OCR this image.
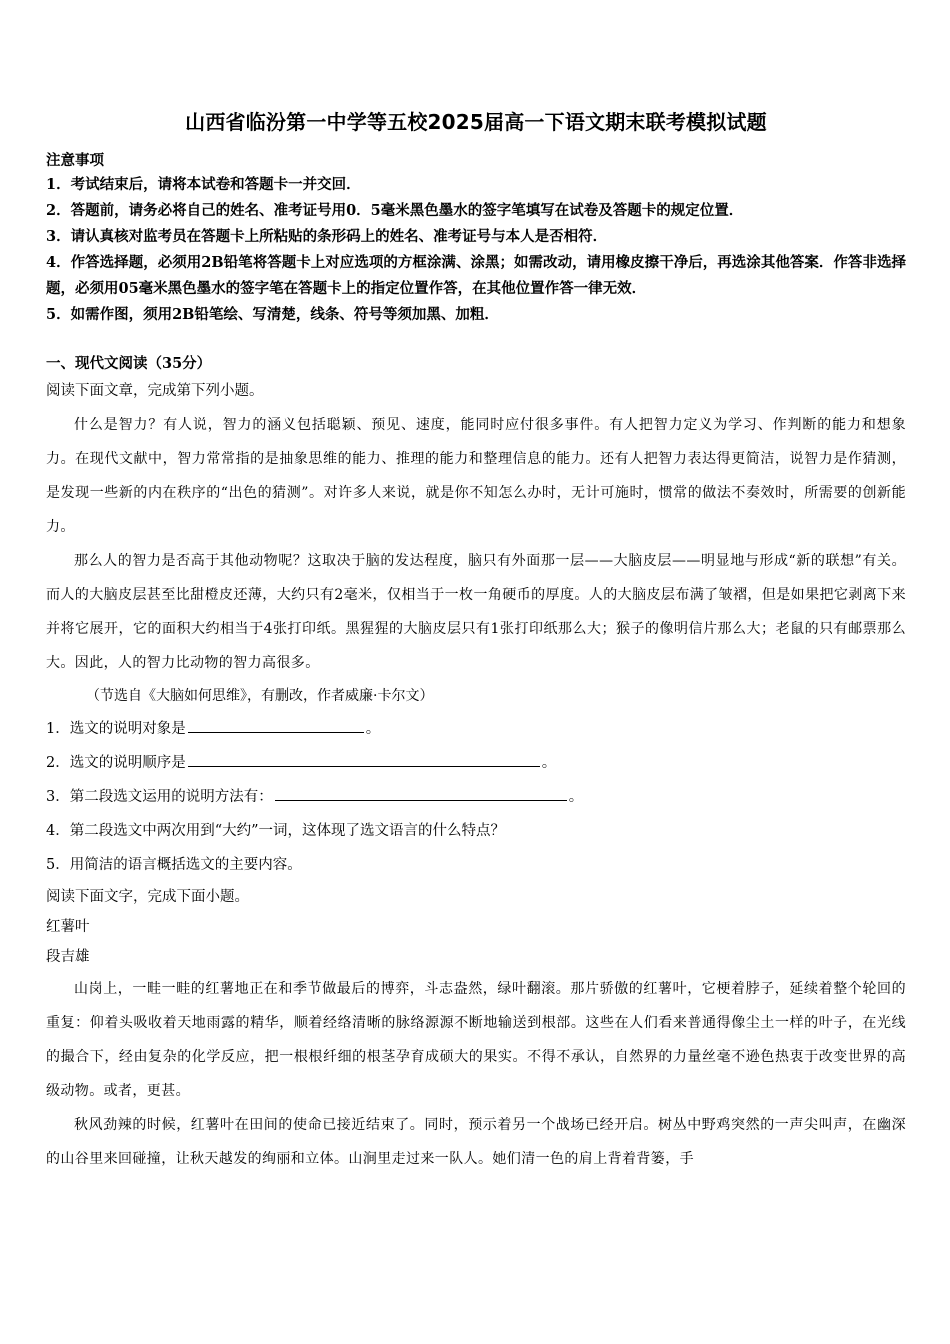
山西省临汾第一中学等五校2025届高一下语文期末联考模拟试题

注意事项

1．考试结束后，请将本试卷和答题卡一并交回．

2．答题前，请务必将自己的姓名、准考证号用0．5毫米黑色墨水的签字笔填写在试卷及答题卡的规定位置．

3．请认真核对监考员在答题卡上所粘贴的条形码上的姓名、准考证号与本人是否相符．

4．作答选择题，必须用2B铅笔将答题卡上对应选项的方框涂满、涂黑；如需改动，请用橡皮擦干净后，再选涂其他答案．作答非选择题，必须用05毫米黑色墨水的签字笔在答题卡上的指定位置作答，在其他位置作答一律无效．

5．如需作图，须用2B铅笔绘、写清楚，线条、符号等须加黑、加粗．

一、现代文阅读（35分）

阅读下面文章，完成第下列小题。

什么是智力？有人说，智力的涵义包括聪颖、预见、速度，能同时应付很多事件。有人把智力定义为学习、作判断的能力和想象力。在现代文献中，智力常常指的是抽象思维的能力、推理的能力和整理信息的能力。还有人把智力表达得更简洁，说智力是作猜测，是发现一些新的内在秩序的“出色的猜测”。对许多人来说，就是你不知怎么办时，无计可施时，惯常的做法不奏效时，所需要的创新能力。

那么人的智力是否高于其他动物呢？这取决于脑的发达程度，脑只有外面那一层——大脑皮层——明显地与形成“新的联想”有关。而人的大脑皮层甚至比甜橙皮还薄，大约只有2毫米，仅相当于一枚一角硬币的厚度。人的大脑皮层布满了皱褶，但是如果把它剥离下来并将它展开，它的面积大约相当于4张打印纸。黑猩猩的大脑皮层只有1张打印纸那么大；猴子的像明信片那么大；老鼠的只有邮票那么大。因此，人的智力比动物的智力高很多。

（节选自《大脑如何思维》，有删改，作者威廉·卡尔文）

1．选文的说明对象是	。

2．选文的说明顺序是	。

3．第二段选文运用的说明方法有：	。

4．第二段选文中两次用到“大约”一词，这体现了选文语言的什么特点？

5．用简洁的语言概括选文的主要内容。

阅读下面文字，完成下面小题。

红薯叶

段吉雄

山岗上，一畦一畦的红薯地正在和季节做最后的博弈，斗志盎然，绿叶翻滚。那片骄傲的红薯叶，它梗着脖子，延续着整个轮回的重复：仰着头吸收着天地雨露的精华，顺着经络清晰的脉络源源不断地输送到根部。这些在人们看来普通得像尘土一样的叶子，在光线的撮合下，经由复杂的化学反应，把一根根纤细的根茎孕育成硕大的果实。不得不承认，自然界的力量丝毫不逊色热衷于改变世界的高级动物。或者，更甚。

秋风劲辣的时候，红薯叶在田间的使命已接近结束了。同时，预示着另一个战场已经开启。树丛中野鸡突然的一声尖叫声，在幽深的山谷里来回碰撞，让秋天越发的绚丽和立体。山涧里走过来一队人。她们清一色的肩上背着背篓，手
